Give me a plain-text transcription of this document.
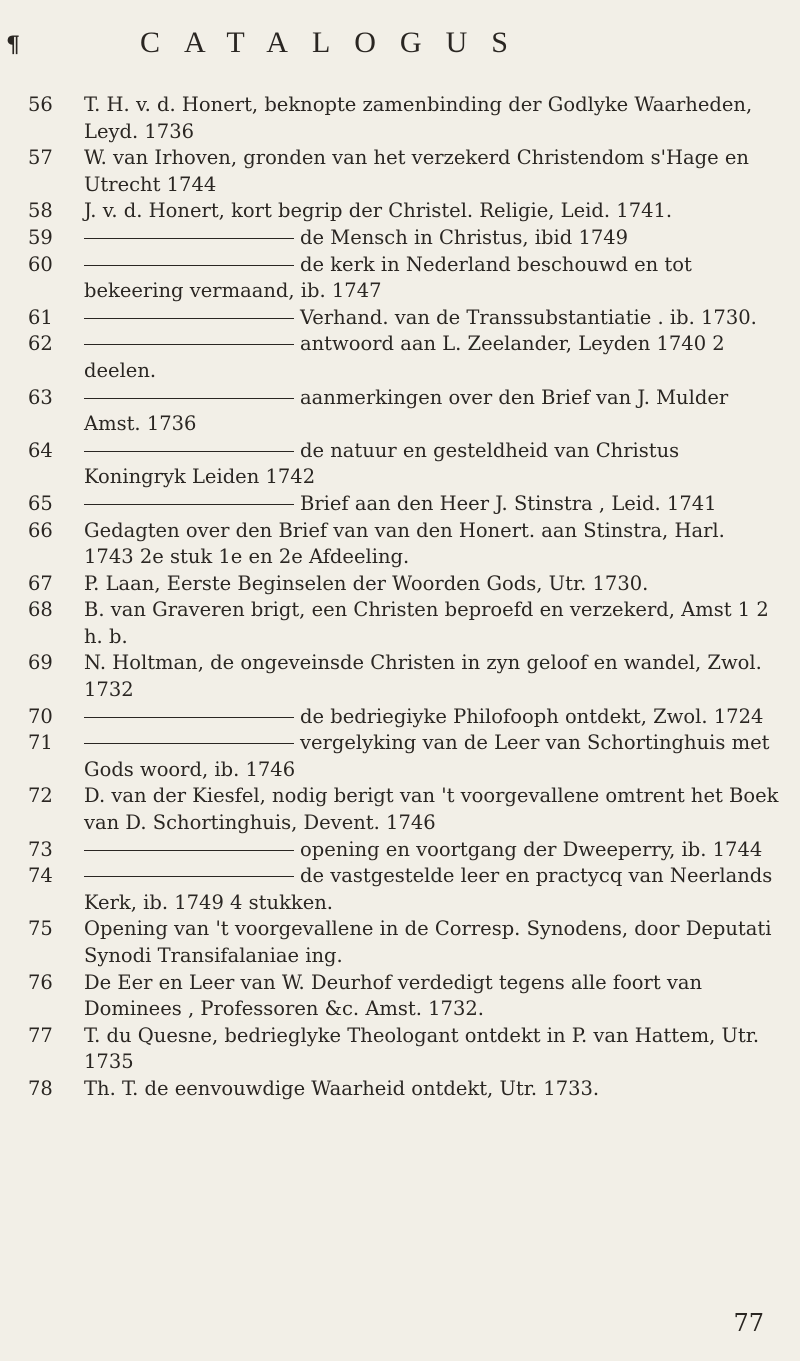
¶	CATALOGUS

56	T. H. v. d. Honert, beknopte zamenbinding der Godlyke Waarheden, Leyd. 1736

57	W. van Irhoven, gronden van het verzekerd Christendom s'Hage en Utrecht 1744

58	J. v. d. Honert, kort begrip der Christel. Religie, Leid. 1741.

59	de Mensch in Christus, ibid 1749

60	de kerk in Nederland beschouwd en tot bekeering vermaand, ib. 1747

61	Verhand. van de Transsubstantiatie . ib. 1730.

62	antwoord aan L. Zeelander, Leyden 1740 2 deelen.

63	aanmerkingen over den Brief van J. Mulder Amst. 1736

64	de natuur en gesteldheid van Christus Koningryk Leiden 1742

65	Brief aan den Heer J. Stinstra , Leid. 1741

66	Gedagten over den Brief van van den Honert. aan Stinstra, Harl. 1743 2e stuk 1e en 2e Afdeeling.

67	P. Laan, Eerste Beginselen der Woorden Gods, Utr. 1730.

68	B. van Graveren brigt, een Christen beproefd en verzekerd, Amst 1 2 h. b.

69	N. Holtman, de ongeveinsde Christen in zyn geloof en wandel, Zwol. 1732

70	de bedriegiyke Philofooph ontdekt, Zwol. 1724

71	vergelyking van de Leer van Schortinghuis met Gods woord, ib. 1746

72	D. van der Kiesfel, nodig berigt van 't voorgevallene omtrent het Boek van D. Schortinghuis, Devent. 1746

73	opening en voortgang der Dweeperry, ib. 1744

74	de vastgestelde leer en practycq van Neerlands Kerk, ib. 1749 4 stukken.

75	Opening van 't voorgevallene in de Corresp. Synodens, door Deputati Synodi Transifalaniae ing.

76	De Eer en Leer van W. Deurhof verdedigt tegens alle foort van Dominees , Professoren &c. Amst. 1732.

77	T. du Quesne, bedrieglyke Theologant ontdekt in P. van Hattem, Utr. 1735

78	Th. T. de eenvouwdige Waarheid ontdekt, Utr. 1733.

77
